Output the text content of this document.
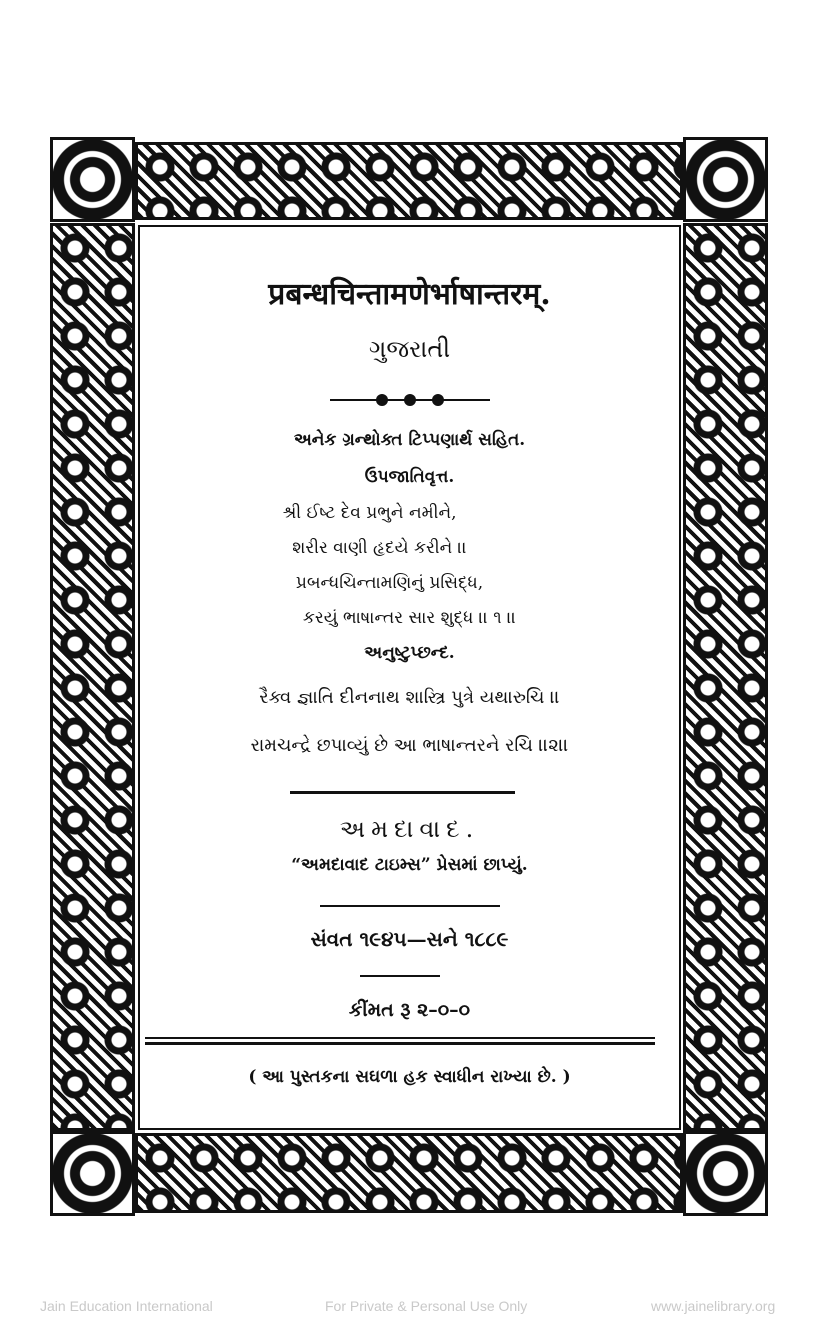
प्रबन्धचिन्तामणेर्भाषान्तरम्.
ગુજરાતી
અનેક ગ્રન્થોક્ત ટિપ્પણાર્થ સહિત.
ઉપજાતિવૃત્ત.
શ્રી ઈષ્ટ દેવ પ્રભુને નમીને,
શરીર વાણી હૃદયે કરીને ।।
પ્રબન્ધચિન્તામણિનું પ્રસિદ્ધ,
કરયું ભાષાન્તર સાર શુદ્ધ ।। ૧ ।।
અનુષ્ટુપ્છન્દ.
રૈક્વ જ્ઞાતિ દીનનાથ શાસ્ત્રિ પુત્રે યથારુચિ ।।
રામચન્દ્રે છપાવ્યું છે આ ભાષાન્તરને રચિ ।।૨।।
અમદાવાદ.
“અમદાવાદ ટાઇમ્સ” પ્રેસમાં છાપ્યું.
સંવત ૧૯૪૫—સને ૧૮૮૯
કીંમત રૂ ૨–૦–૦
( આ પુસ્તકના સઘળા હક સ્વાધીન રાખ્યા છે. )
Jain Education International	For Private & Personal Use Only	www.jainelibrary.org
